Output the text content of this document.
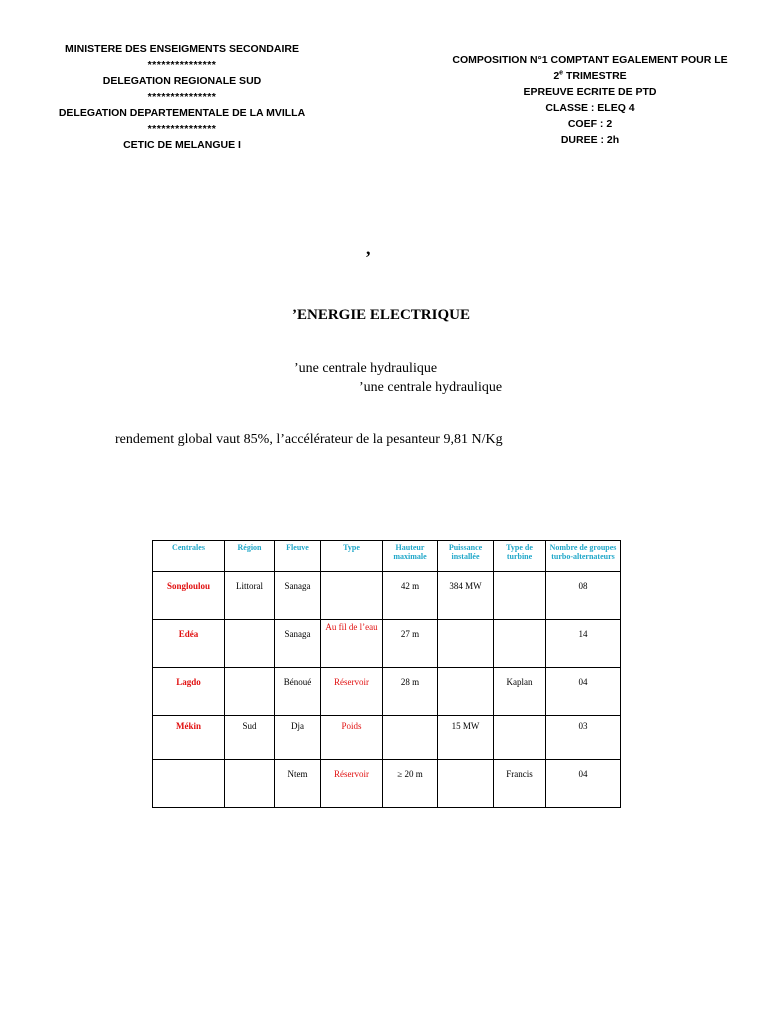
MINISTERE DES ENSEIGMENTS SECONDAIRE
***************
DELEGATION REGIONALE SUD
***************
DELEGATION DEPARTEMENTALE DE LA MVILLA
***************
CETIC DE MELANGUE I
COMPOSITION N°1 COMPTANT EGALEMENT POUR LE
2e TRIMESTRE
EPREUVE ECRITE DE PTD
CLASSE : ELEQ 4
COEF : 2
DUREE : 2h
,
’ENERGIE ELECTRIQUE
’une centrale hydraulique
’une centrale hydraulique
rendement global vaut 85%, l’accélérateur de la pesanteur 9,81 N/Kg
Centrales	Région	Fleuve	Type	Hauteur maximale	Puissance installée	Type de turbine	Nombre de groupes turbo-alternateurs
Songloulou	Littoral	Sanaga		42 m	384 MW		08
Edéa		Sanaga	Au fil de l’eau	27 m			14
Lagdo		Bénoué	Réservoir	28 m		Kaplan	04
Mékin	Sud	Dja	Poids		15 MW		03
		Ntem	Réservoir	≥ 20 m		Francis	04
